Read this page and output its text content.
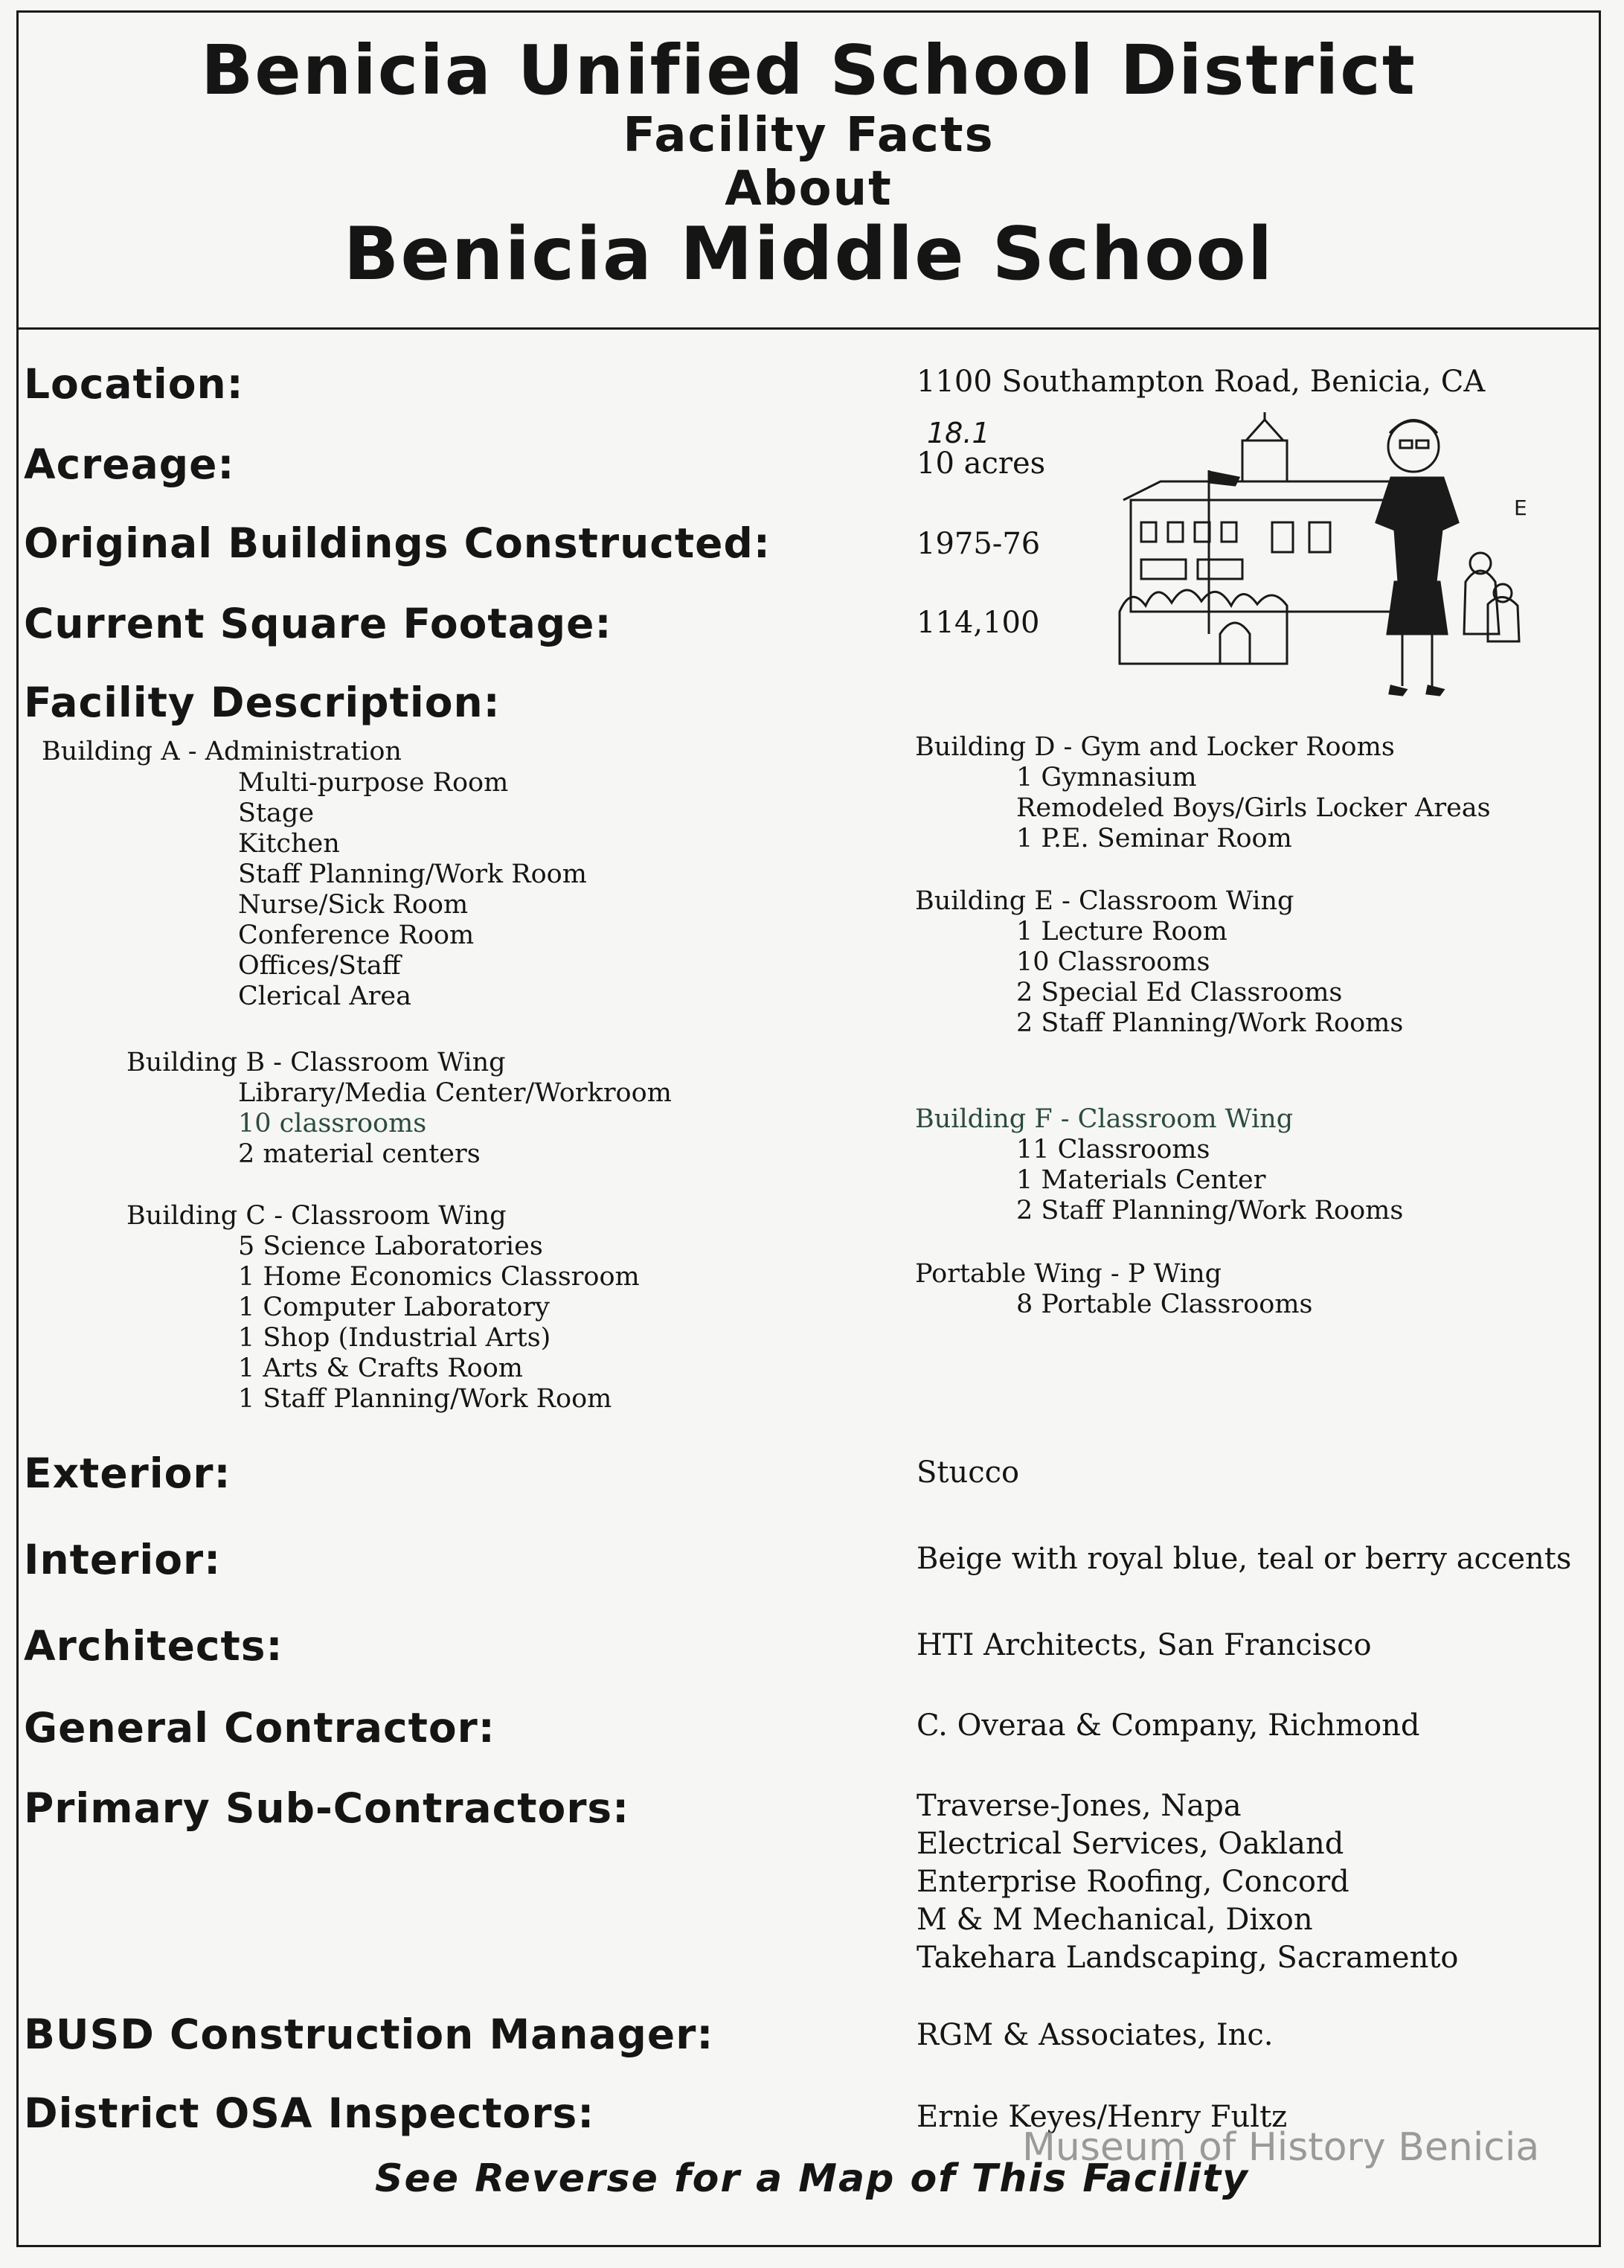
Benicia Unified School District
Facility Facts
About
Benicia Middle School
Location:	1100 Southampton Road, Benicia, CA
Acreage:
18.1
10 acres
Original Buildings Constructed:	1975-76
Current Square Footage:	114,100
Facility Description:
E
Building A - Administration
Multi-purpose Room
Stage
Kitchen
Staff Planning/Work Room
Nurse/Sick Room
Conference Room
Offices/Staff
Clerical Area
Building B - Classroom Wing
Library/Media Center/Workroom
10 classrooms
2 material centers
Building C - Classroom Wing
5 Science Laboratories
1 Home Economics Classroom
1 Computer Laboratory
1 Shop (Industrial Arts)
1 Arts & Crafts Room
1 Staff Planning/Work Room
Building D - Gym and Locker Rooms
1 Gymnasium
Remodeled Boys/Girls Locker Areas
1 P.E. Seminar Room
Building E - Classroom Wing
1 Lecture Room
10 Classrooms
2 Special Ed Classrooms
2 Staff Planning/Work Rooms
Building F - Classroom Wing
11 Classrooms
1 Materials Center
2 Staff Planning/Work Rooms
Portable Wing - P Wing
8 Portable Classrooms
Exterior:	Stucco
Interior:	Beige with royal blue, teal or berry accents
Architects:	HTI Architects, San Francisco
General Contractor:	C. Overaa & Company, Richmond
Primary Sub-Contractors:	Traverse-Jones, Napa
Electrical Services, Oakland
Enterprise Roofing, Concord
M & M Mechanical, Dixon
Takehara Landscaping, Sacramento
BUSD Construction Manager:	RGM & Associates, Inc.
District OSA Inspectors:	Ernie Keyes/Henry Fultz
Museum of History Benicia
See Reverse for a Map of This Facility
